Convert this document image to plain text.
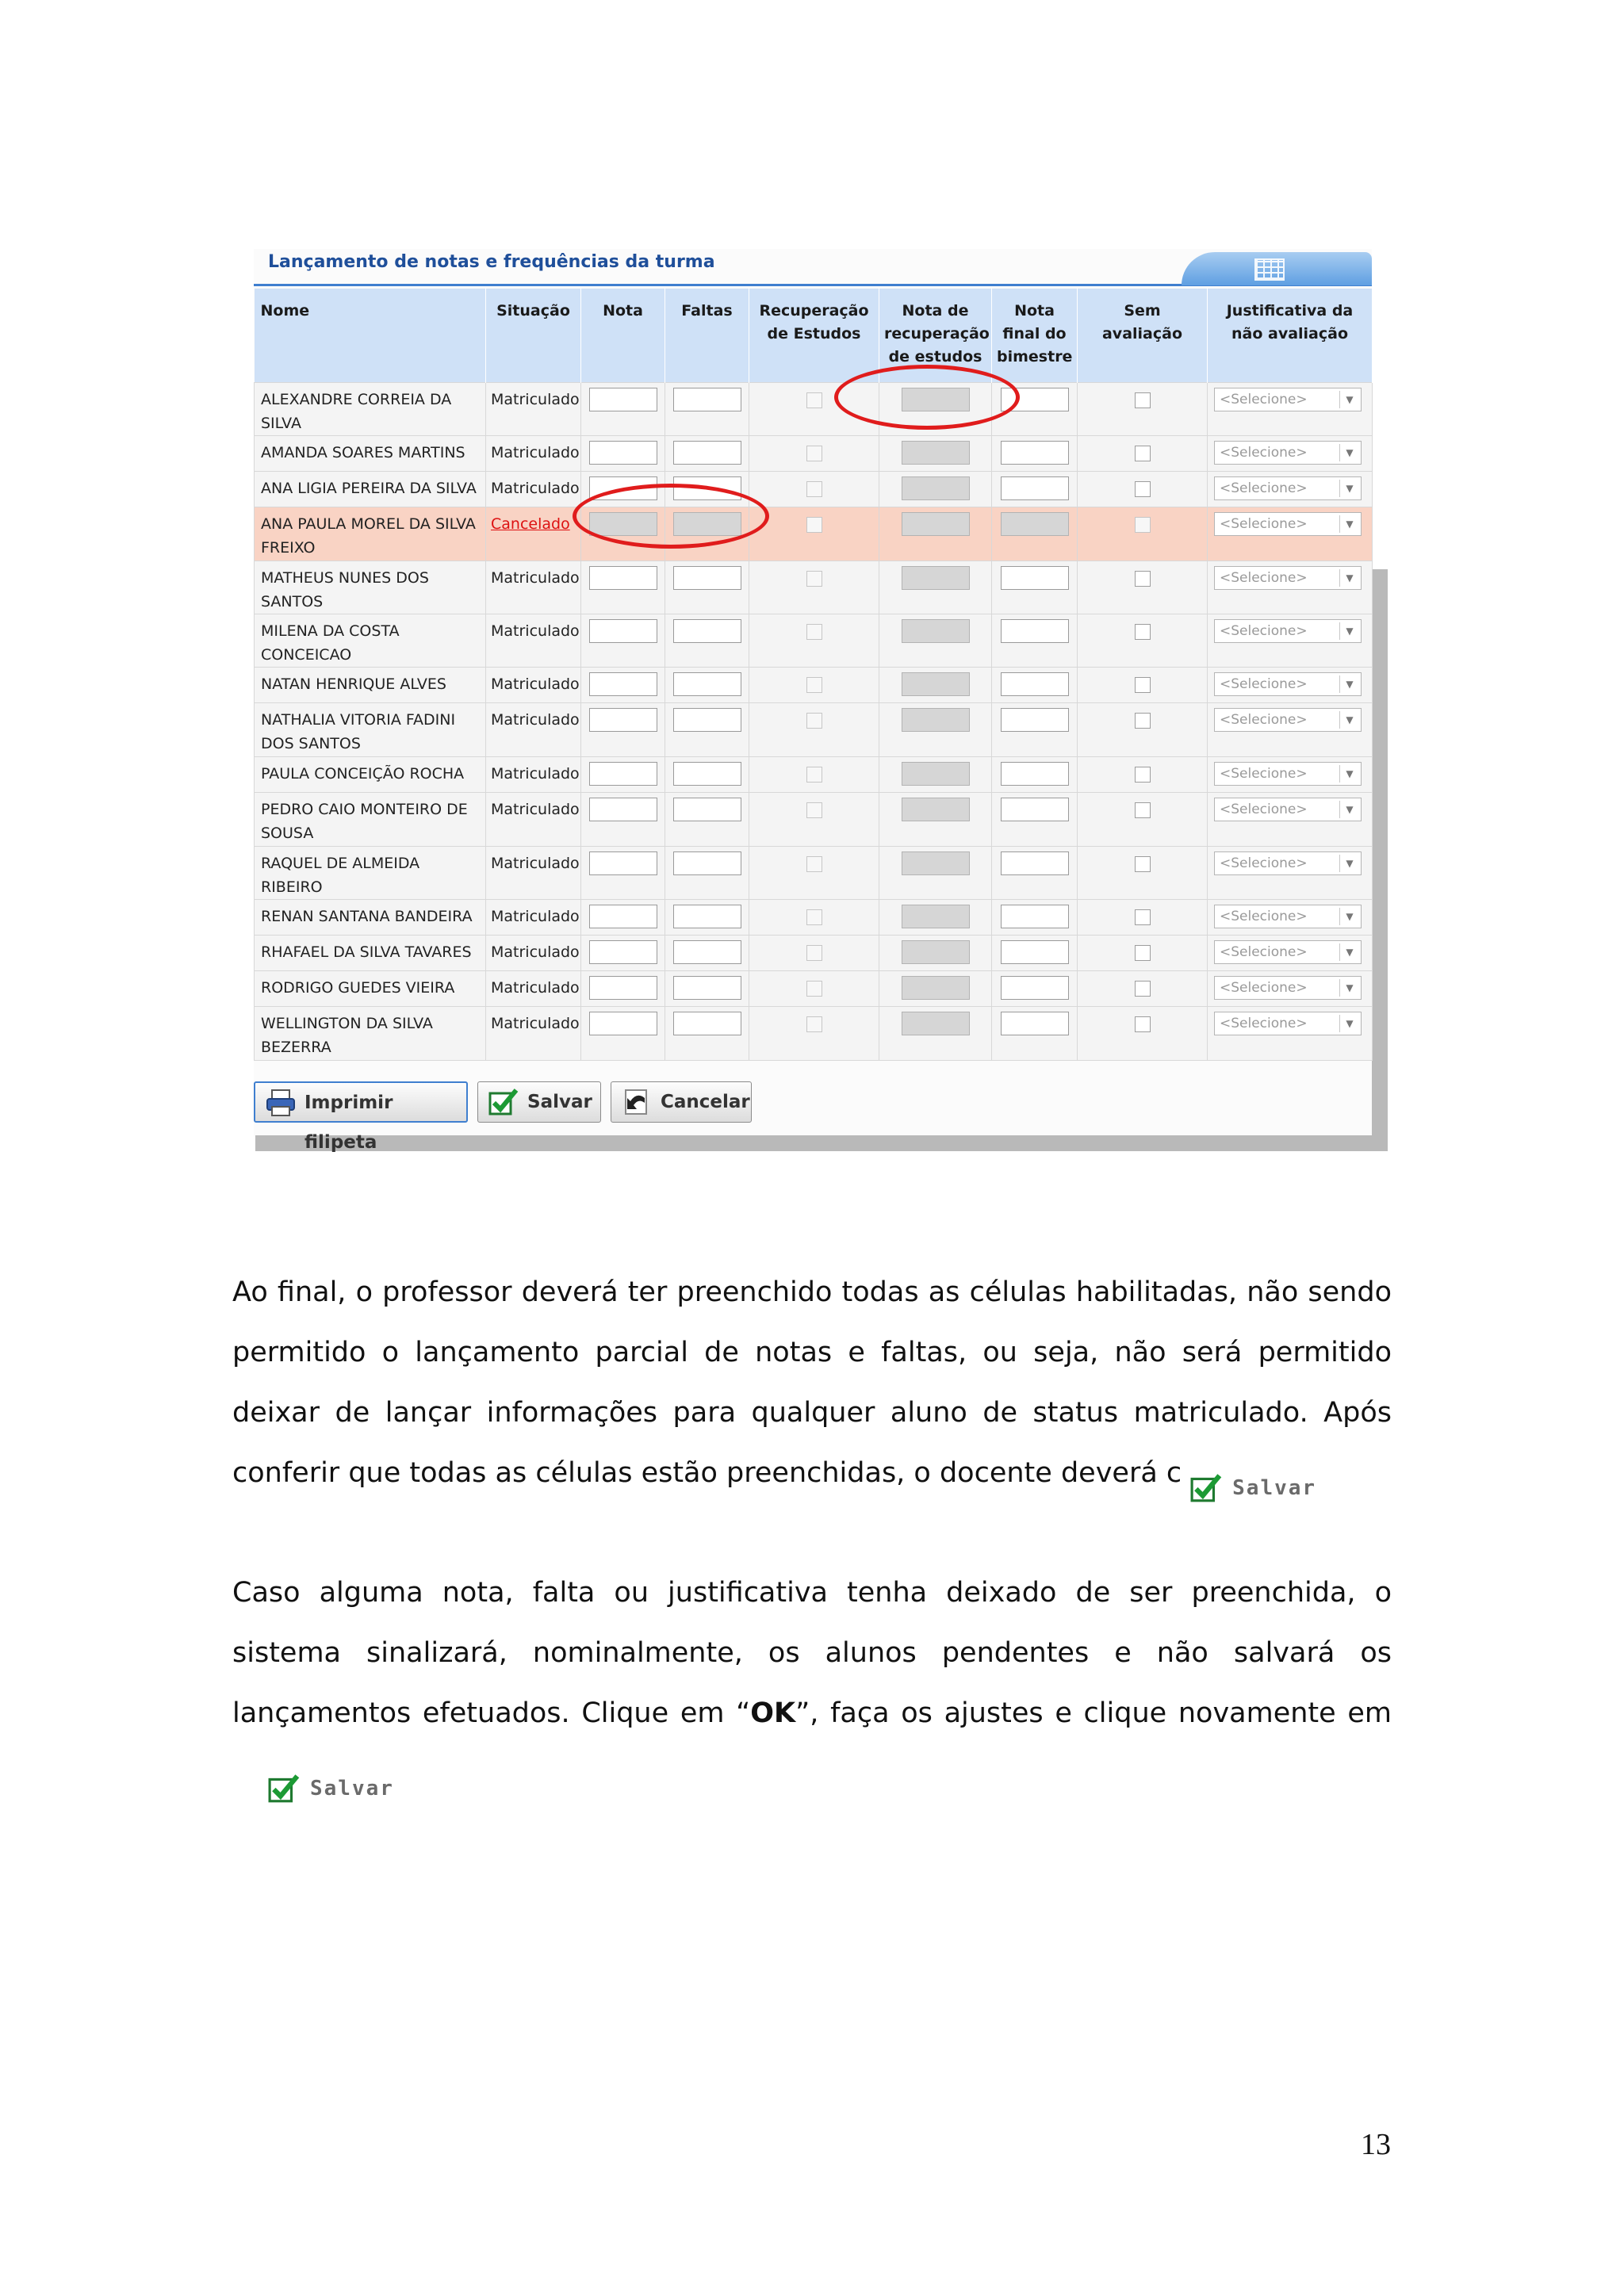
Lançamento de notas e frequências da turma
Nome	Situação	Nota	Faltas	Recuperação de Estudos	Nota de recuperação de estudos	Nota final do bimestre	Sem avaliação	Justificativa da não avaliação
ALEXANDRE CORREIA DA SILVA	Matriculado							<Selecione> ▼

AMANDA SOARES MARTINS	Matriculado							<Selecione> ▼

ANA LIGIA PEREIRA DA SILVA	Matriculado							<Selecione> ▼

ANA PAULA MOREL DA SILVA FREIXO	Cancelado							<Selecione> ▼

MATHEUS NUNES DOS SANTOS	Matriculado							<Selecione> ▼

MILENA DA COSTA CONCEICAO	Matriculado							<Selecione> ▼

NATAN HENRIQUE ALVES	Matriculado							<Selecione> ▼

NATHALIA VITORIA FADINI DOS SANTOS	Matriculado							<Selecione> ▼

PAULA CONCEIÇÃO ROCHA	Matriculado							<Selecione> ▼

PEDRO CAIO MONTEIRO DE SOUSA	Matriculado							<Selecione> ▼

RAQUEL DE ALMEIDA RIBEIRO	Matriculado							<Selecione> ▼

RENAN SANTANA BANDEIRA	Matriculado							<Selecione> ▼

RHAFAEL DA SILVA TAVARES	Matriculado							<Selecione> ▼

RODRIGO GUEDES VIEIRA	Matriculado							<Selecione> ▼

WELLINGTON DA SILVA BEZERRA	Matriculado							<Selecione> ▼
Imprimir filipeta
Salvar	Cancelar
Ao final, o professor deverá ter preenchido todas as células habilitadas, não sendo permitido o lançamento parcial de notas e faltas, ou seja, não será permitido deixar de lançar informações para qualquer aluno de status matriculado. Após conferir que todas as células estão preenchidas, o docente deverá c Salvar
Caso alguma nota, falta ou justificativa tenha deixado de ser preenchida, o sistema sinalizará, nominalmente, os alunos pendentes e não salvará os lançamentos efetuados. Clique em “OK”, faça os ajustes e clique novamente em Salvar
13
